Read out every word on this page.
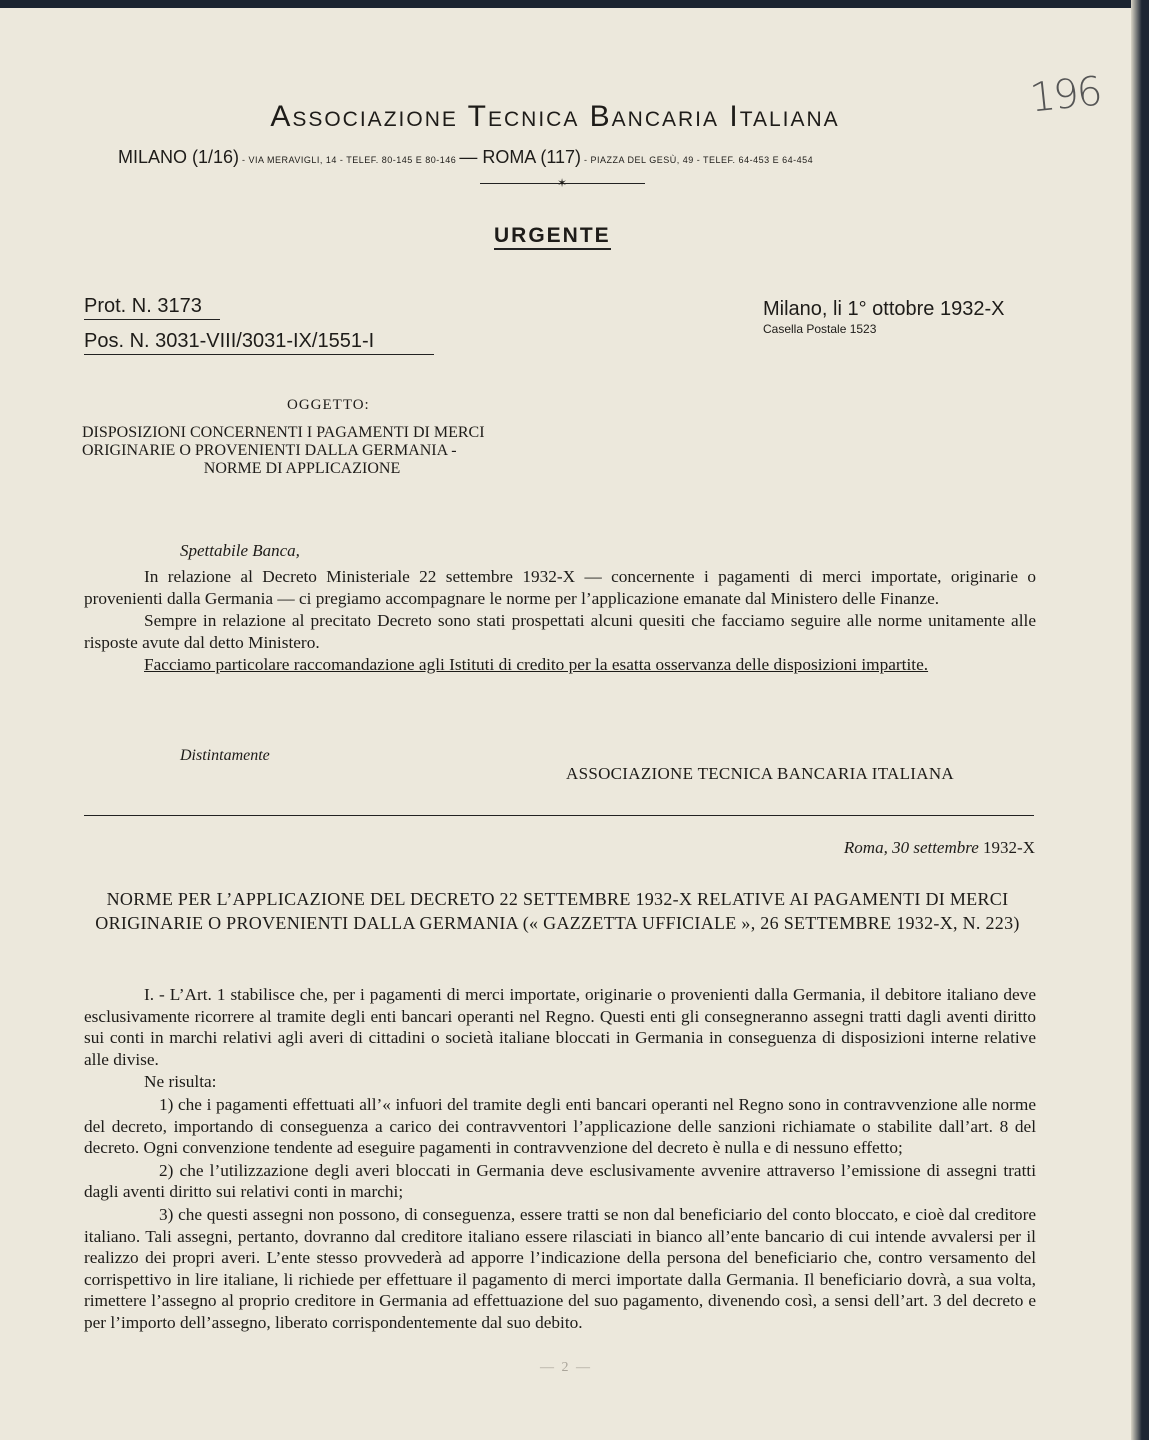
196
Associazione Tecnica Bancaria Italiana
MILANO (1/16) - VIA MERAVIGLI, 14 - TELEF. 80-145 E 80-146 — ROMA (117) - PIAZZA DEL GESÙ, 49 - TELEF. 64-453 E 64-454
✶
URGENTE
Prot. N. 3173
Pos. N. 3031-VIII/3031-IX/1551-I
Milano, li 1° ottobre 1932-X
Casella Postale 1523
OGGETTO:
DISPOSIZIONI CONCERNENTI I PAGAMENTI DI MERCI
ORIGINARIE O PROVENIENTI DALLA GERMANIA -
NORME DI APPLICAZIONE
Spettabile Banca,

In relazione al Decreto Ministeriale 22 settembre 1932-X — concernente i pagamenti di merci importate, originarie o provenienti dalla Germania — ci pregiamo accompagnare le norme per l’applicazione emanate dal Ministero delle Finanze.

Sempre in relazione al precitato Decreto sono stati prospettati alcuni quesiti che facciamo seguire alle norme unitamente alle risposte avute dal detto Ministero.

Facciamo particolare raccomandazione agli Istituti di credito per la esatta osservanza delle disposizioni impartite.

Distintamente
ASSOCIAZIONE TECNICA BANCARIA ITALIANA
Roma, 30 settembre 1932-X
NORME PER L’APPLICAZIONE DEL DECRETO 22 SETTEMBRE 1932-X RELATIVE AI PAGAMENTI DI MERCI ORIGINARIE O PROVENIENTI DALLA GERMANIA (« GAZZETTA UFFICIALE », 26 SETTEMBRE 1932-X, N. 223)

I. - L’Art. 1 stabilisce che, per i pagamenti di merci importate, originarie o provenienti dalla Germania, il debitore italiano deve esclusivamente ricorrere al tramite degli enti bancari operanti nel Regno. Questi enti gli consegneranno assegni tratti dagli aventi diritto sui conti in marchi relativi agli averi di cittadini o società italiane bloccati in Germania in conseguenza di disposizioni interne relative alle divise.

Ne risulta:

1) che i pagamenti effettuati all’« infuori del tramite degli enti bancari operanti nel Regno sono in contravvenzione alle norme del decreto, importando di conseguenza a carico dei contravventori l’applicazione delle sanzioni richiamate o stabilite dall’art. 8 del decreto. Ogni convenzione tendente ad eseguire pagamenti in contravvenzione del decreto è nulla e di nessuno effetto;

2) che l’utilizzazione degli averi bloccati in Germania deve esclusivamente avvenire attraverso l’emissione di assegni tratti dagli aventi diritto sui relativi conti in marchi;

3) che questi assegni non possono, di conseguenza, essere tratti se non dal beneficiario del conto bloccato, e cioè dal creditore italiano. Tali assegni, pertanto, dovranno dal creditore italiano essere rilasciati in bianco all’ente bancario di cui intende avvalersi per il realizzo dei propri averi. L’ente stesso provvederà ad apporre l’indicazione della persona del beneficiario che, contro versamento del corrispettivo in lire italiane, li richiede per effettuare il pagamento di merci importate dalla Germania. Il beneficiario dovrà, a sua volta, rimettere l’assegno al proprio creditore in Germania ad effettuazione del suo pagamento, divenendo così, a sensi dell’art. 3 del decreto e per l’importo dell’assegno, liberato corrispondentemente dal suo debito.

— 2 —
